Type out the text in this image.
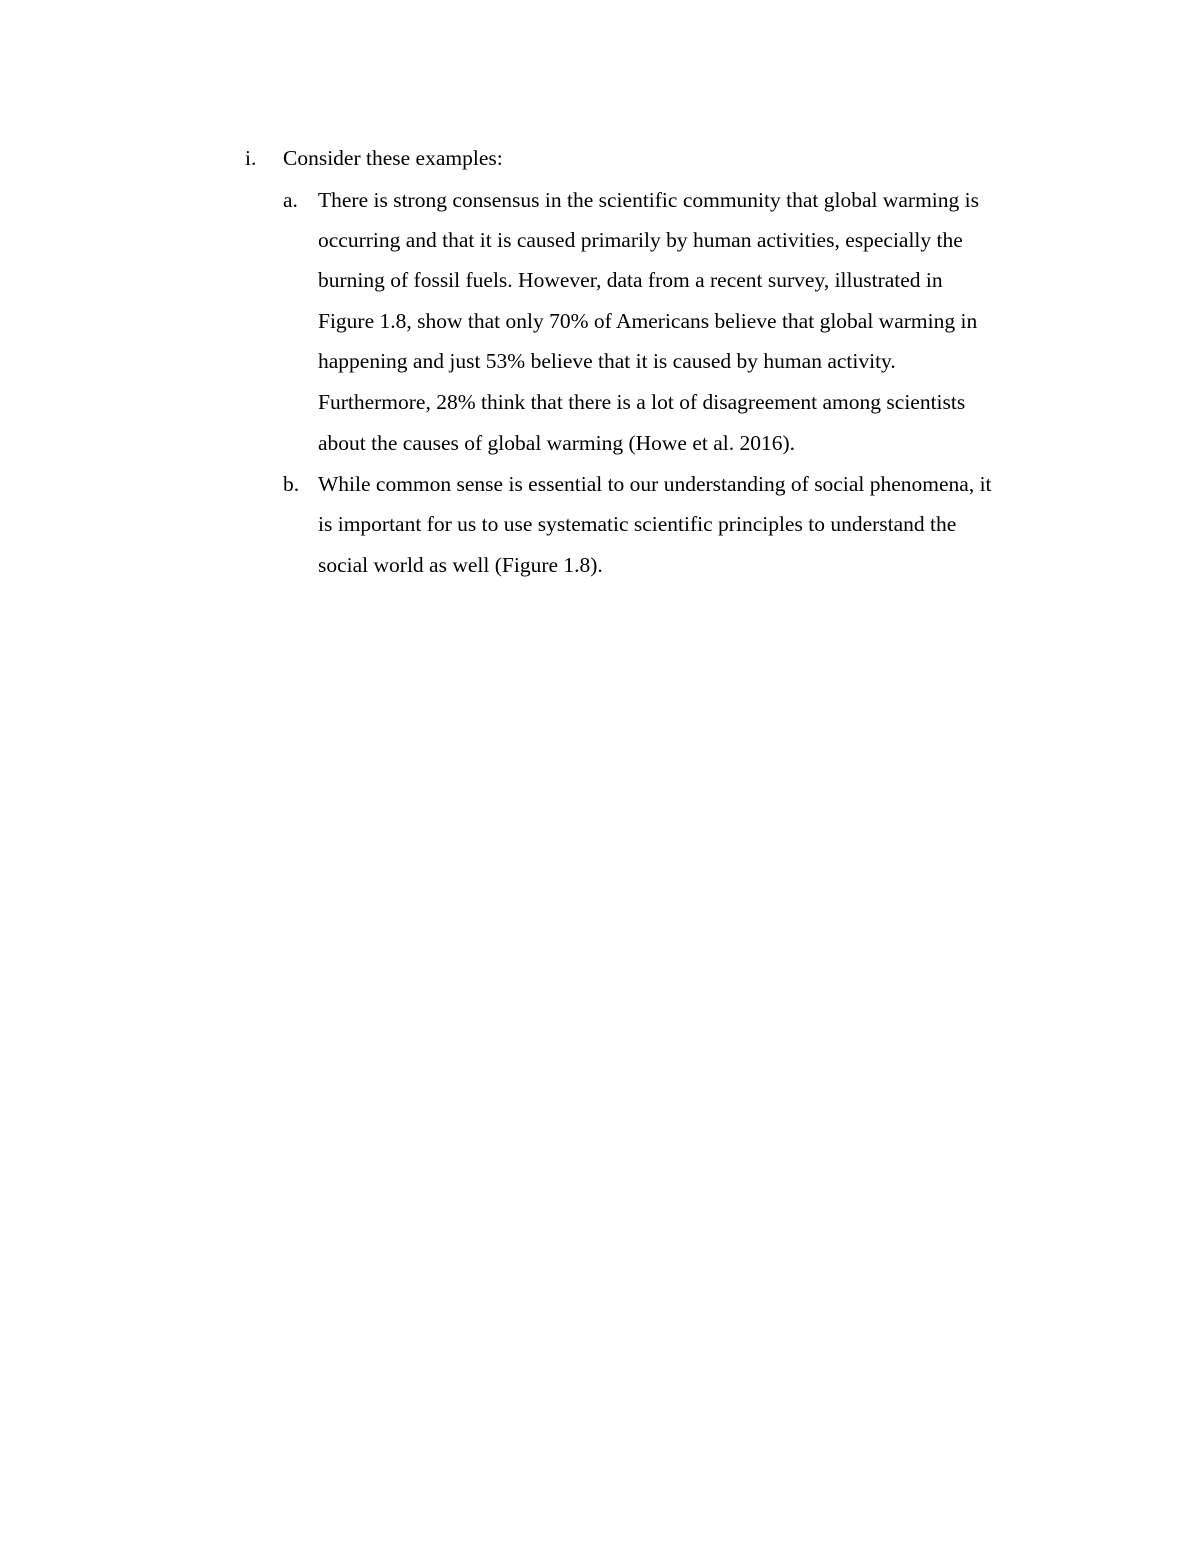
i. Consider these examples:
a. There is strong consensus in the scientific community that global warming is
occurring and that it is caused primarily by human activities, especially the
burning of fossil fuels. However, data from a recent survey, illustrated in
Figure 1.8, show that only 70% of Americans believe that global warming in
happening and just 53% believe that it is caused by human activity.
Furthermore, 28% think that there is a lot of disagreement among scientists
about the causes of global warming (Howe et al. 2016).
b. While common sense is essential to our understanding of social phenomena, it
is important for us to use systematic scientific principles to understand the
social world as well (Figure 1.8).
